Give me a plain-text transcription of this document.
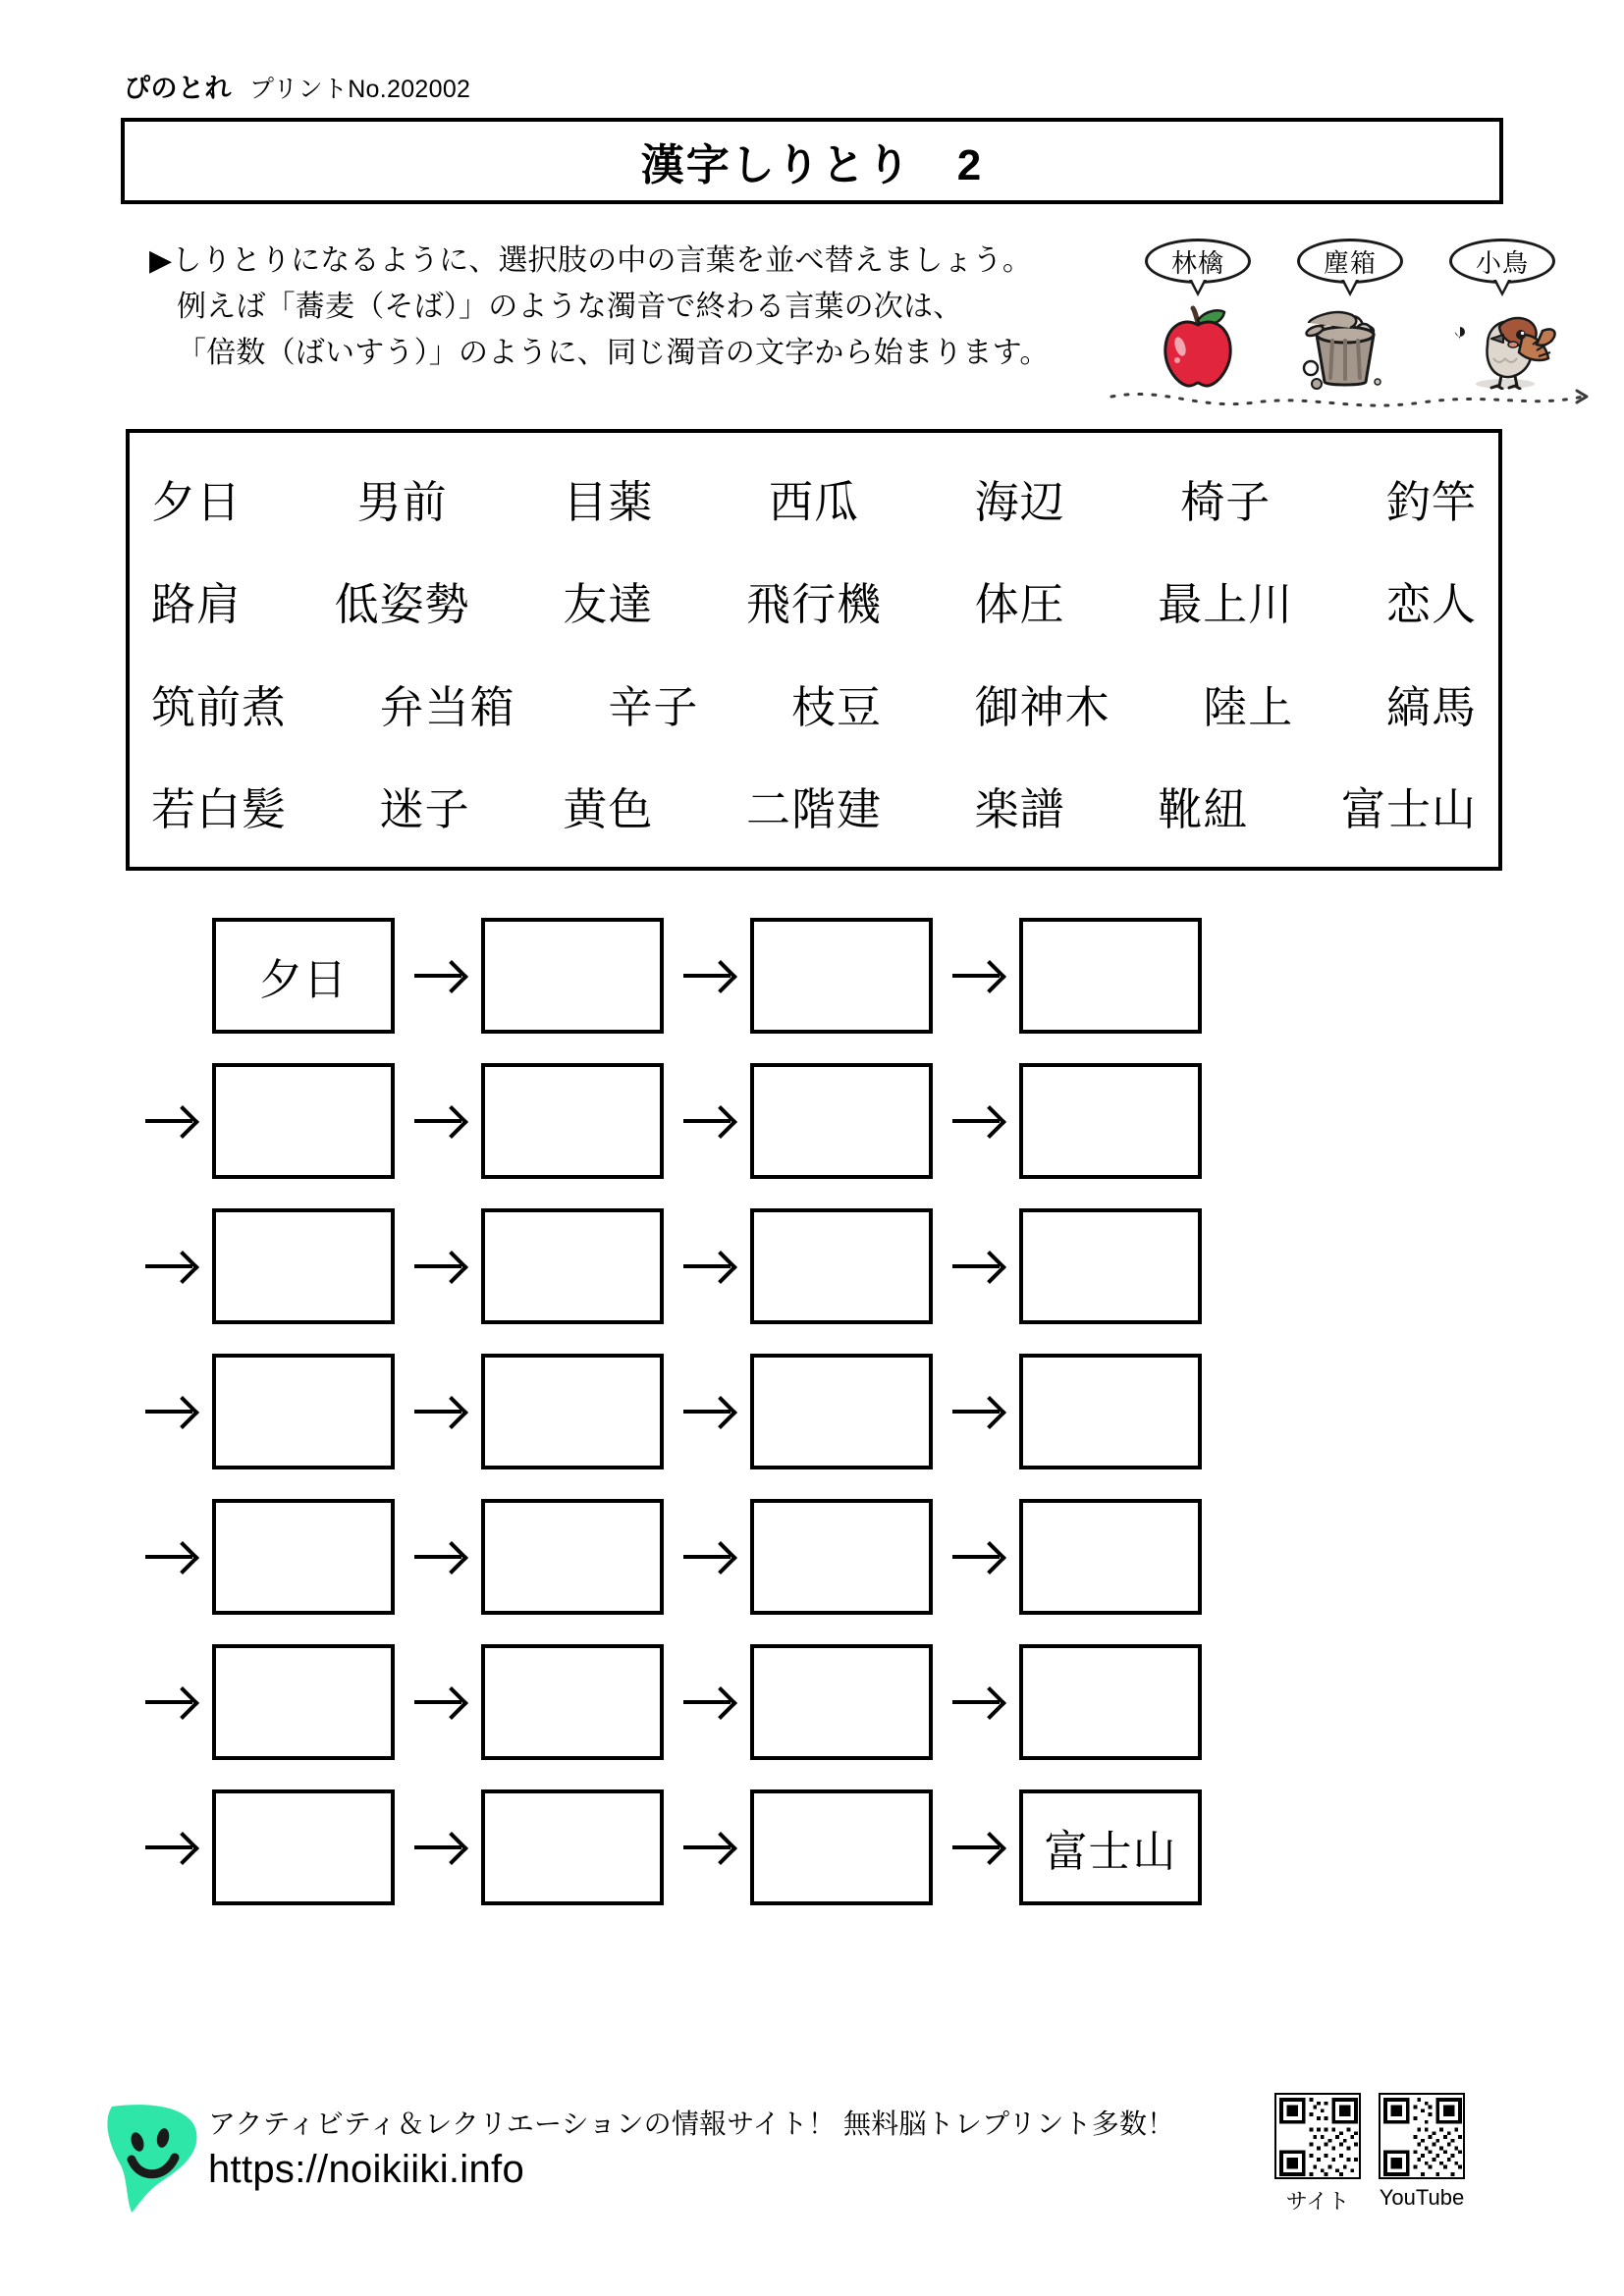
ぴのとれ プリントNo.202002
漢字しりとり　2
▶しりとりになるように、選択肢の中の言葉を並べ替えましょう。
例えば「蕎麦（そば）」のような濁音で終わる言葉の次は、
「倍数（ばいすう）」のように、同じ濁音の文字から始まります。
林檎	塵箱	小鳥
夕日	男前	目薬	西瓜	海辺	椅子	釣竿
路肩 低姿勢 友達 飛行機 体圧 最上川 恋人
筑前煮 弁当箱 辛子 枝豆 御神木 陸上 縞馬
若白髪 迷子 黄色 二階建 楽譜 靴紐 富士山
夕日
富士山
アクティビティ＆レクリエーションの情報サイト！ 無料脳トレプリント多数！
https://noikiiki.info
サイト	YouTube
